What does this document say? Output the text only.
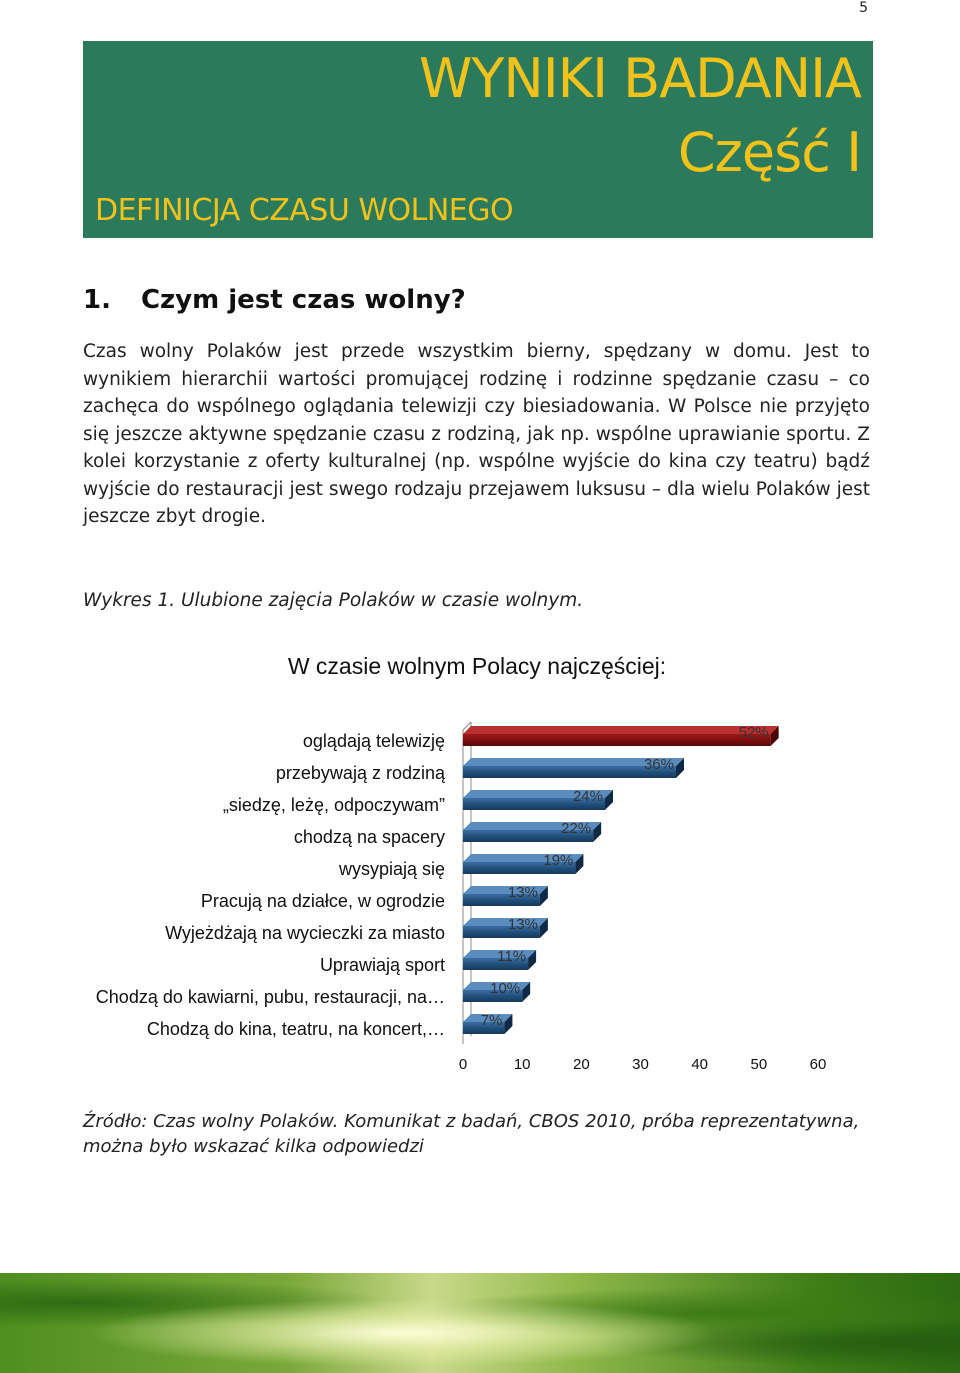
5
WYNIKI BADANIA
Część I
DEFINICJA CZASU WOLNEGO
1. Czym jest czas wolny?
Czas wolny Polaków jest przede wszystkim bierny, spędzany w domu. Jest to wynikiem hierarchii wartości promującej rodzinę i rodzinne spędzanie czasu – co zachęca do wspólnego oglądania telewizji czy biesiadowania. W Polsce nie przyjęto się jeszcze aktywne spędzanie czasu z rodziną, jak np. wspólne uprawianie sportu. Z kolei korzystanie z oferty kulturalnej (np. wspólne wyjście do kina czy teatru) bądź wyjście do restauracji jest swego rodzaju przejawem luksusu – dla wielu Polaków jest jeszcze zbyt drogie.
Wykres 1. Ulubione zajęcia Polaków w czasie wolnym.
W czasie wolnym Polacy najczęściej:
52%
oglądają telewizję
36%
przebywają z rodziną
24%
„siedzę, leżę, odpoczywam”
22%
chodzą na spacery
19%
wysypiają się
13%
Pracują na działce, w ogrodzie
13%
Wyjeżdżają na wycieczki za miasto
11%
Uprawiają sport
10%
Chodzą do kawiarni, pubu, restauracji, na…
7%
Chodzą do kina, teatru, na koncert,…
0	10	20	30	40	50	60
Źródło: Czas wolny Polaków. Komunikat z badań, CBOS 2010, próba reprezentatywna, można było wskazać kilka odpowiedzi
